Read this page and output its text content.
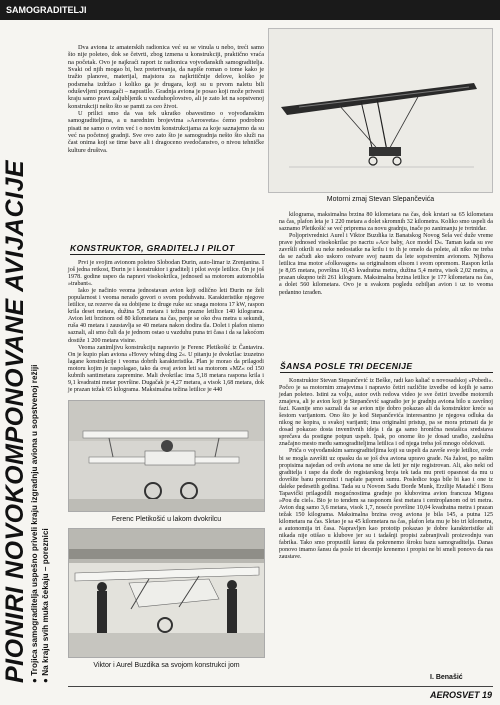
SAMOGRADITELJI
PIONIRI NOVOKOMPONOVANE AVIJACIJE ● Trojica samograditelja uspešno priveli kraju izgradnju aviona u sopstvenoj režiji ● Na kraju svih muka čekaju – poreznici

Dva aviona iz amaterskih radionica već su se vinula u nebo, treći samo što nije poleteo, dok se četvrti, zbog izmena u konstrukciji, praktično vraća na početak. Ovo je najkraći raport iz radionica vojvođanskih samograditelja. Svaki od njih mogao bi, bez preterivanja, da napiše roman o tome kako je tražio planove, materijal, majstora za najkritičnije delove, koliko je podsmeha izdržao i koliko ga je drugara, koji su u prvom naletu bili oduševljeni pomagači – napustilo. Gradnja aviona je posao koji može privesti kraju samo pravi zaljubljenik u vazduhoplovstvo, ali je zato let na sopstvenoj konstrukciji nešto što se pamti za ceo život.

U prilici smo da vas tek ukratko obavestimo o vojvođanskim samograditeljima, a u narednim brojevima »Aerosveta« ćemo podrobno pisati ne samo o ovim već i o novim konstrukcijama za koje saznajemo da su već na početnoj gradnji. Sve ovo zato što je samogradnja nešto što služi na čast onima koji se time bave ali i dragoceno svedočanstvo, o nivou tehničke kulture društva.

Motorni zmaj Stevan Slepančevića
KONSTRUKTOR, GRADITELJ I PILOT

Prvi je svojim avionom poleteo Slobodan Đurin, auto-limar iz Zrenjanina. I još jedna retkost, Đurin je i konstruktor i graditelj i pilot svoje letilice. On je još 1978. godine uspeo da napravi visokokrilca, jednosed sa motorom automobila »trabant«.

Iako je načinio veoma jednostavan avion koji odlično leti Đurin ne želi popularnost i veoma nerado govori o svom poduhvatu. Karakteristike njegove letilice, uz rezerve da su dobijene iz druge ruke su: snaga motora 17 kW, raspon krila deset metara, dužina 5,8 metara i težina prazne letilice 140 kilograma. Avion leti brzinom od 80 kilometara na čas, penje se oko dva metra u sekundi, ruša 40 metara i zaustavlja se 40 metara nakon dodira tla. Dolet i plafon nismo saznali, ali smo čuli da je jednom ostao u vazduhu puna tri časa i da sa lakoćom dostiže 1 200 metara visine.

Veoma zanimljivu konstrukciju napravio je Ferenc Pletikošić iz Čantavira. On je kupio plan aviona »Hovey whing ding 2«. U pitanju je dvokrilac izuzetno lagane konstrukcije i veoma dobrih karakteristika. Plan je morao da prilagodi motoru kojim je raspolagao, tako da ovaj avion leti sa motorom »MZ« od 150 kubnih santimetara zapremine. Mali dvokrilac ima 5,18 metara raspona krila i 9,1 kvadratni metar površine. Dugačak je 4,27 metara, a visok 1,68 metara, dok je prazan težak 65 kilograma. Maksimalna težina letilice je 440

Ferenc Pletikošić u lakom dvokrilcu
Viktor i Aurel Buzdika sa svojom konstrukci jom

kilograma, maksimalna brzina 80 kilometara na čas, dok krstari sa 65 kilometara na čas, plafon leta je 1 220 metara a dolet skromnih 32 kilometra. Koliko smo uspeli da saznamo Pletikošić se već priprema za novu gradnju, inače po zanimanju je tvrtniđar.

Poljoprivrednici Aurel i Viktor Buzdika iz Banatskog Novog Sela već duže vreme prave jednosed visokokrilac po nacrtu »Ace baby, Ace model D«. Taman kada su sve završili otkrili su neke nedostatke na krilu i to ih je omelo da polete, ali niko ne treba da se začudi ako uskoro ostvare svoj naum da lete sopstvenim avionom. Njihova letilica ima motor »folksvagen« sa originalnom elisom i svom opremom. Raspon krila je 8,05 metara, površina 10,43 kvadratna metra, dužina 5,4 metra, visok 2,02 metra, a prazan ukupno teži 261 kilogram. Maksimalna brzina letilice je 177 kilometara na čas, a dolet 560 kilometara. Ovo je u svakom pogledu ozbiljan avion i uz to veoma pedantno izrađen.

ŠANSA POSLE TRI DECENIJE

Konstruktor Stevan Stepančević iz Beške, radi kao kaliač u novosadskoj »Pobedi«. Počeo je sa motornim zmajevima i napravio četiri različite izvedbe od kojih je samo jedan poleteo. Istini za volju, autor ovih redova video je sve četiri izvedbe motornih zmajeva, ali je avion koji je Stepančević sagradio jer je gradnju aviona bilo u završnoj fazi. Kasnije smo saznali da se avion nije dobro pokazao ali da konstruktor kreće sa šestom varijantom. Ono što je kod Stepančevića interesantno je njegova odluka da nikog ne kopira, u svakoj varijanti; ima originalni pristup, pa se mora priznati da je dosad pokazao dosta inventivnih ideja i da ga samo hronična nestašica sredstava sprečava da postigne potpun uspeh. Ipak, po onome što je dosad urađio, zaslužna značajno mesto među samograditeljima letilica i od njega treba još mnogo očekivati.

Priča o vojvođanskim samograditeljima koji su uspeli da završe svoje letilice, ovde bi se mogla završiti uz opasku da se još dva aviona upravo grade. Na žalost, po našim propisima najedan od ovih aviona ne sme da leti jer nije registrovan. Ali, ako neki od graditelja i uspe da dođe do registarskog broja tek tada mu preti opasnost da mu u dovršite banu poreznici i naplate papreni sumu. Posledice toga bile bi kao i one iz daleke pedesetih godina. Tada su u Novom Sadu Đorđe Munk, Erzilije Matadić i Bora Tapavički prilagodili mogućnostima gradnje po klubovima avion francuza Mignea »Pou du ciel«. Bio je to tendem sa rasponom šest metara i centroplanom od tri metra. Avion dug samo 3,6 metara, visok 1,7, noseće površine 10,04 kvadratna metra i prazan težak 150 kilograma. Maksimalna brzina ovog aviona je bila 145, a putna 125 kilometara na čas. Sletao je sa 45 kilometara na čas, plafon leta mu je bio tri kilometra, a autonomija tri časa. Napravljen kao prototip pokazao je dobre karakteristike ali nikada nije otišao u klubove jer su i tadašnji propisi zabranjivali proizvodnju van fabrika. Tako smo propustili šansu da pokrenemo široku bazu samograditelja. Danas ponovo imamo šansu da posle tri decenije krenemo i propisi ne bi smeli ponovo da nas zaustave.

I. Benašić
AEROSVET 19
